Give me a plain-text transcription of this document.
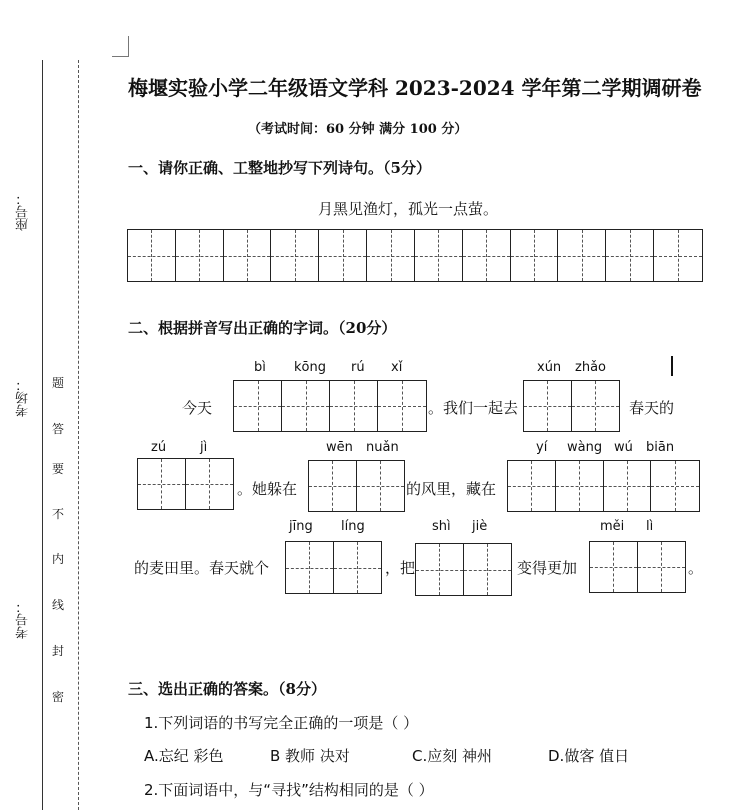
座号：
考场：
考号：
题
答
要
不
内
线
封
密
梅堰实验小学二年级语文学科 2023-2024 学年第二学期调研卷
（考试时间：60 分钟 满分 100 分）
一、请你正确、工整地抄写下列诗句。（5分）
月黑见渔灯，孤光一点萤。
二、根据拼音写出正确的字词。（20分）
bì kōng rú xǐ
今天	。我们一起去
xún zhǎo
春天的
zú	jì
。她躲在
wēn nuǎn
的风里，藏在
yí wàng wú biān
的麦田里。春天就个
jīng líng
，把
shì jiè
变得更加
měi lì
。
三、选出正确的答案。（8分）
1.下列词语的书写完全正确的一项是（ ）
A.忘纪 彩色	B 教师 决对	C.应刻 神州	D.做客 值日
2.下面词语中，与“寻找”结构相同的是（ ）
